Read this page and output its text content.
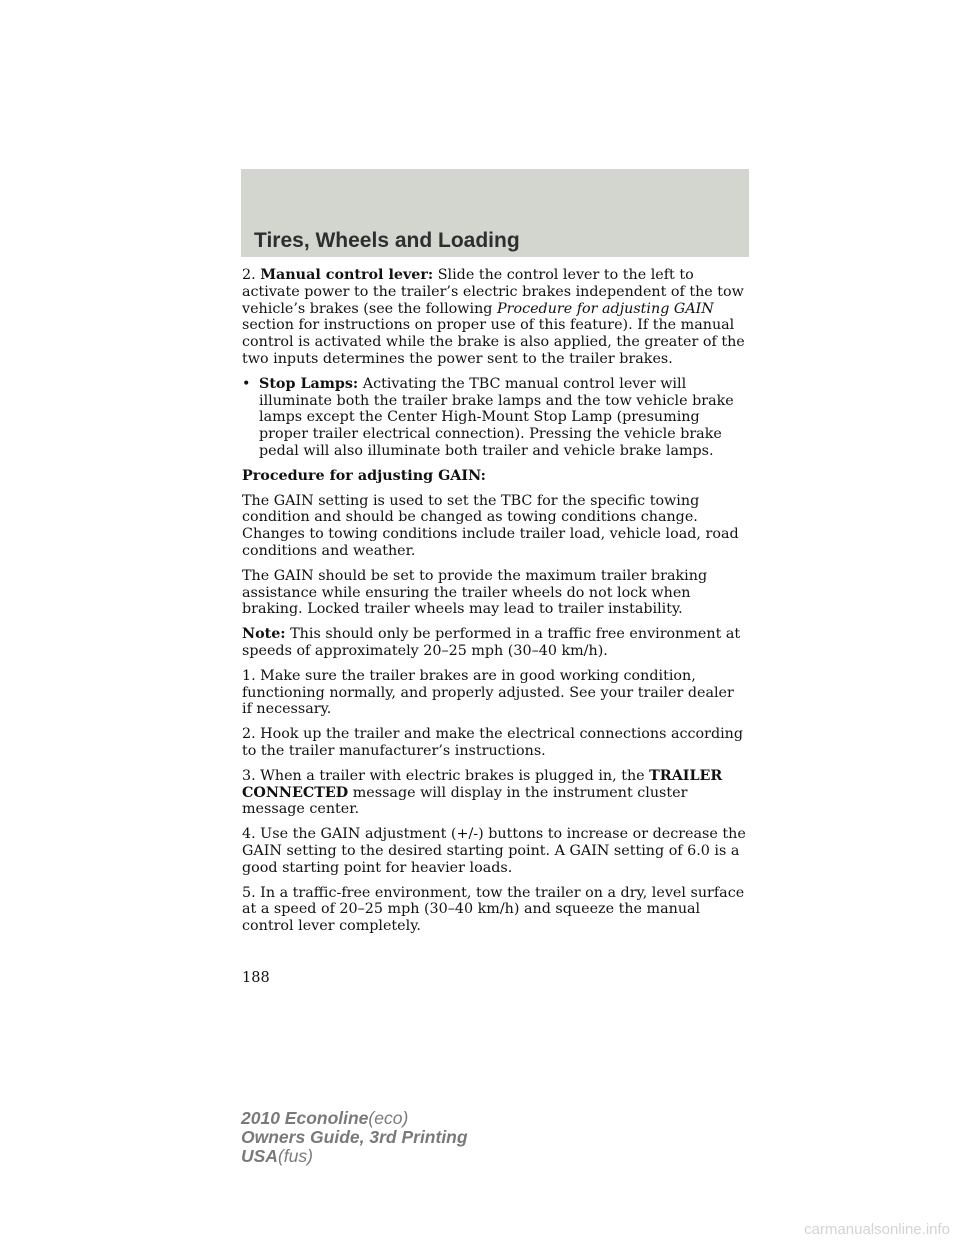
Tires, Wheels and Loading

2. Manual control lever: Slide the control lever to the left to activate power to the trailer’s electric brakes independent of the tow vehicle’s brakes (see the following Procedure for adjusting GAIN section for instructions on proper use of this feature). If the manual control is activated while the brake is also applied, the greater of the two inputs determines the power sent to the trailer brakes.

• Stop Lamps: Activating the TBC manual control lever will illuminate both the trailer brake lamps and the tow vehicle brake lamps except the Center High-Mount Stop Lamp (presuming proper trailer electrical connection). Pressing the vehicle brake pedal will also illuminate both trailer and vehicle brake lamps.

Procedure for adjusting GAIN:

The GAIN setting is used to set the TBC for the specific towing condition and should be changed as towing conditions change. Changes to towing conditions include trailer load, vehicle load, road conditions and weather.

The GAIN should be set to provide the maximum trailer braking assistance while ensuring the trailer wheels do not lock when braking. Locked trailer wheels may lead to trailer instability.

Note: This should only be performed in a traffic free environment at speeds of approximately 20–25 mph (30–40 km/h).

1. Make sure the trailer brakes are in good working condition, functioning normally, and properly adjusted. See your trailer dealer if necessary.

2. Hook up the trailer and make the electrical connections according to the trailer manufacturer’s instructions.

3. When a trailer with electric brakes is plugged in, the TRAILER CONNECTED message will display in the instrument cluster message center.

4. Use the GAIN adjustment (+/-) buttons to increase or decrease the GAIN setting to the desired starting point. A GAIN setting of 6.0 is a good starting point for heavier loads.

5. In a traffic-free environment, tow the trailer on a dry, level surface at a speed of 20–25 mph (30–40 km/h) and squeeze the manual control lever completely.

188
2010 Econoline(eco)
Owners Guide, 3rd Printing
USA(fus)
carmanualsonline.info
